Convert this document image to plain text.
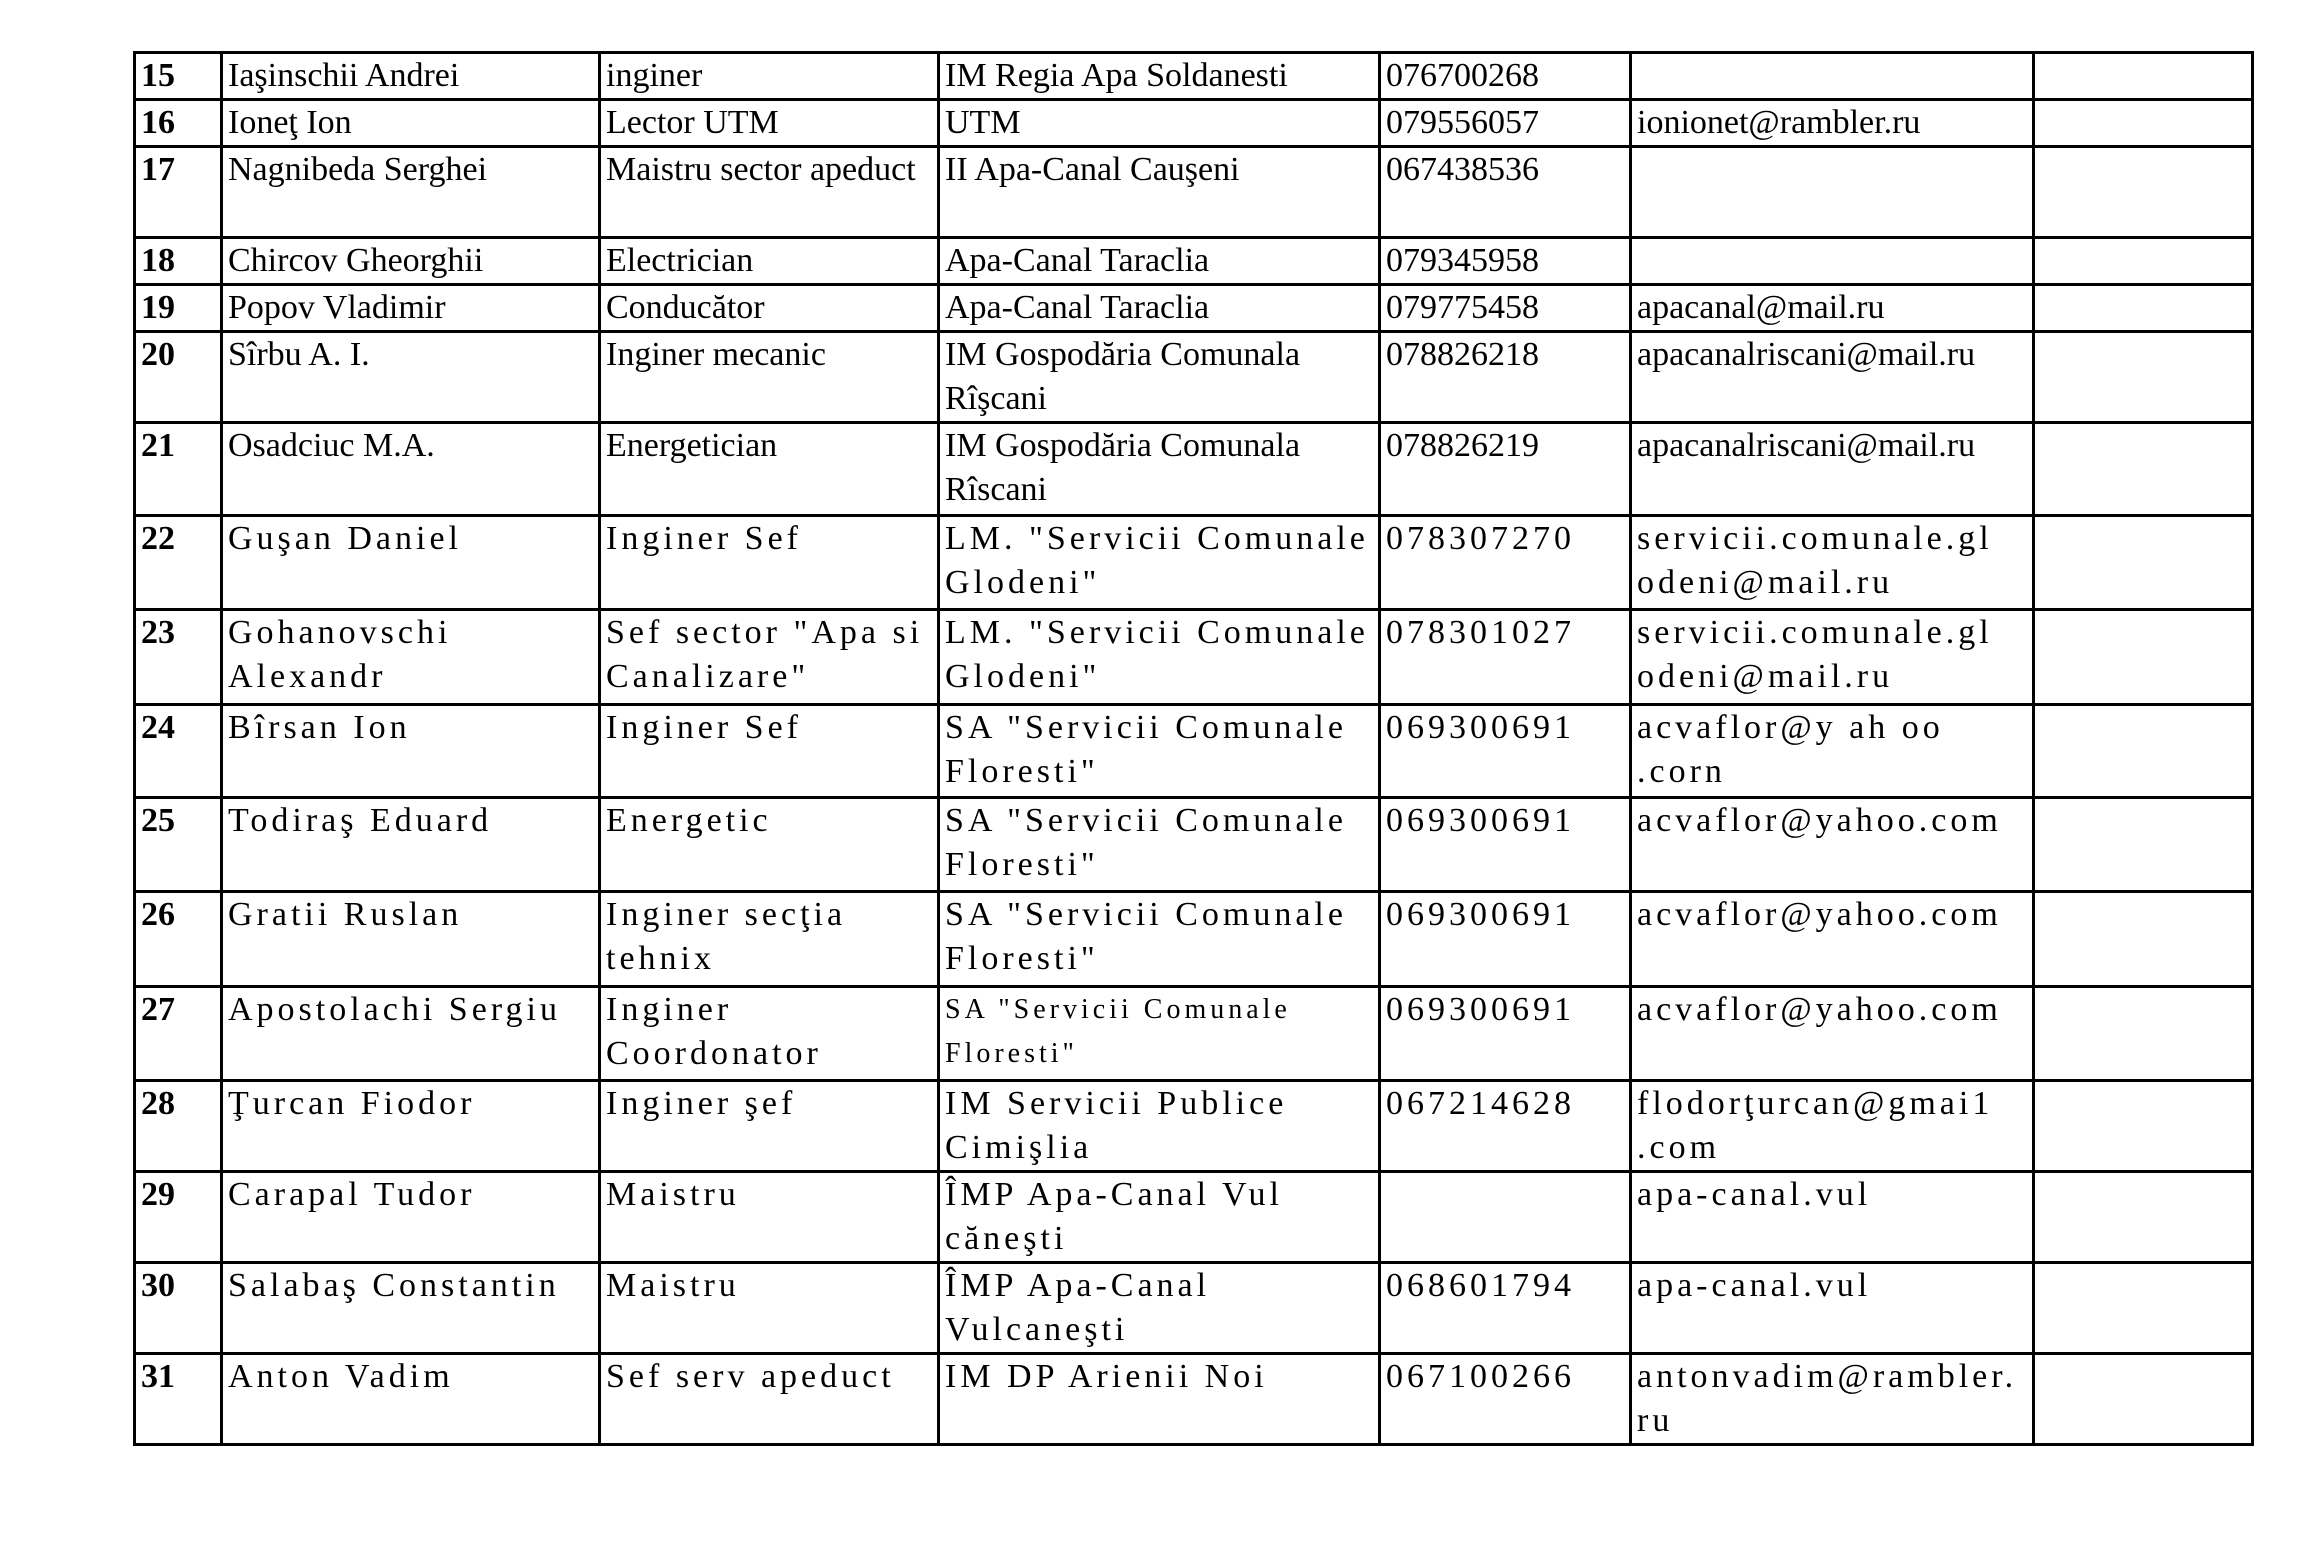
15	Iaşinschii Andrei	inginer	IM Regia Apa Soldanesti	076700268		
16	Ioneţ Ion	Lector UTM	UTM	079556057	ionionet@rambler.ru	
17	Nagnibeda Serghei	Maistru sector apeduct	II Apa-Canal Cauşeni	067438536		
18	Chircov Gheorghii	Electrician	Apa-Canal Taraclia	079345958		
19	Popov Vladimir	Conducător	Apa-Canal Taraclia	079775458	apacanal@mail.ru	
20	Sîrbu A. I.	Inginer mecanic	IM Gospodăria Comunala Rîşcani	078826218	apacanalriscani@mail.ru	
21	Osadciuc M.A.	Energetician	IM Gospodăria Comunala Rîscani	078826219	apacanalriscani@mail.ru	
22	Guşan Daniel	Inginer Sef	LM. "Servicii Comunale Glodeni"	078307270	servicii.comunale.gl odeni@mail.ru	
23	Gohanovschi Alexandr	Sef sector "Apa si Canalizare"	LM. "Servicii Comunale Glodeni"	078301027	servicii.comunale.gl odeni@mail.ru	
24	Bîrsan Ion	Inginer Sef	SA "Servicii Comunale Floresti"	069300691	acvaflor@y ah oo .corn	
25	Todiraş Eduard	Energetic	SA "Servicii Comunale Floresti"	069300691	acvaflor@yahoo.com	
26	Gratii Ruslan	Inginer secţia tehnix	SA "Servicii Comunale Floresti"	069300691	acvaflor@yahoo.com	
27	Apostolachi Sergiu	Inginer Coordonator	SA "Servicii Comunale Floresti"	069300691	acvaflor@yahoo.com	
28	Ţurcan Fiodor	Inginer şef	IM Servicii Publice Cimişlia	067214628	flodorţurcan@gmai1 .com	
29	Carapal Tudor	Maistru	ÎMP Apa-Canal Vul căneşti		apa-canal.vul	
30	Salabaş Constantin	Maistru	ÎMP Apa-Canal Vulcaneşti	068601794	apa-canal.vul	
31	Anton Vadim	Sef serv apeduct	IM DP Arienii Noi	067100266	antonvadim@rambler.ru	
